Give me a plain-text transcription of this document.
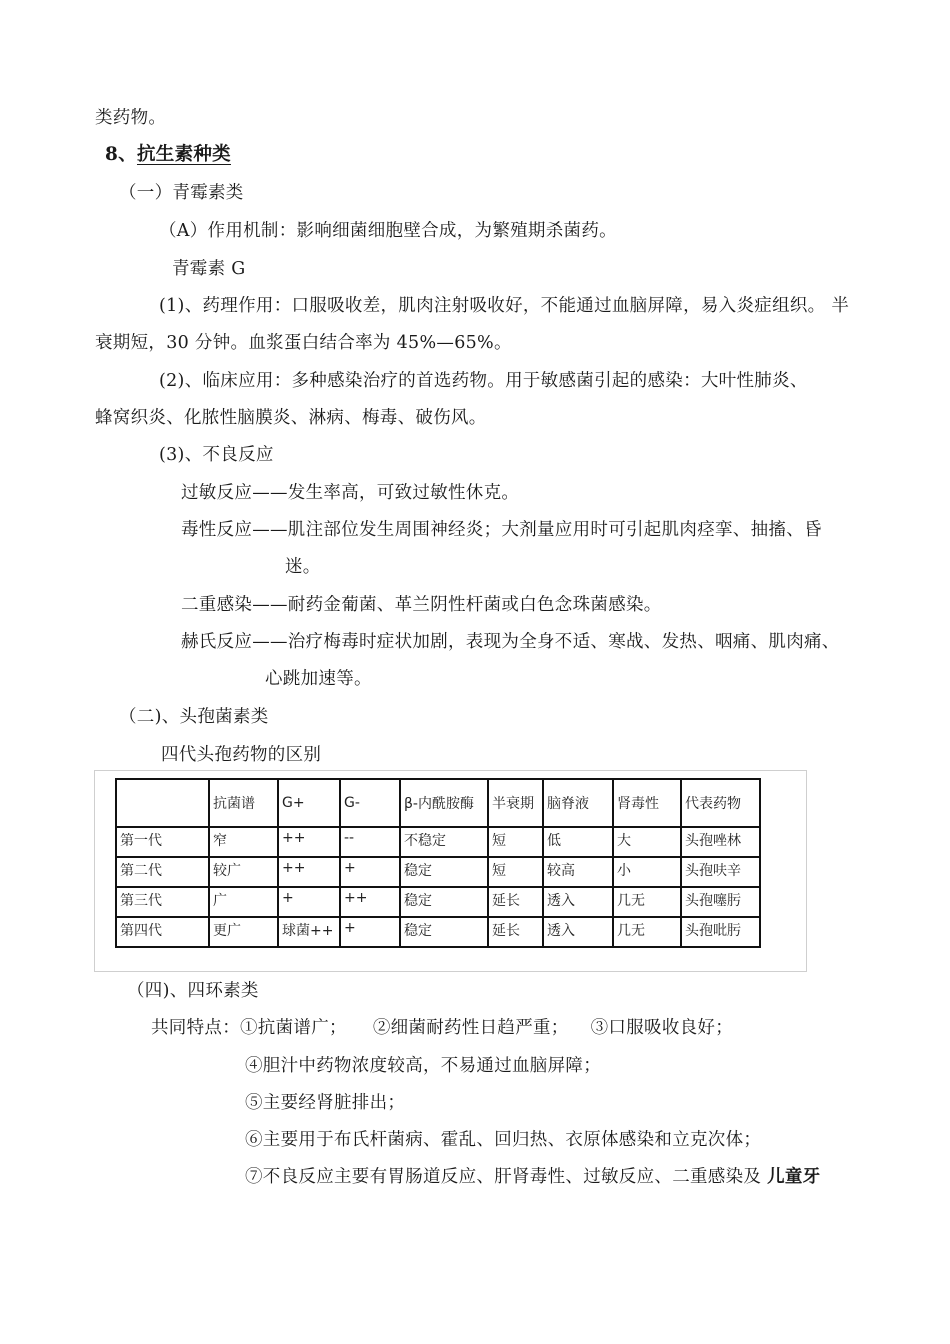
类药物。
8、抗生素种类
（一）青霉素类
（A）作用机制：影响细菌细胞壁合成，为繁殖期杀菌药。
青霉素 G
(1)、药理作用：口服吸收差，肌肉注射吸收好，不能通过血脑屏障，易入炎症组织。 半
衰期短，30 分钟。血浆蛋白结合率为 45%—65%。
(2)、临床应用：多种感染治疗的首选药物。用于敏感菌引起的感染：大叶性肺炎、
蜂窝织炎、化脓性脑膜炎、淋病、梅毒、破伤风。
(3)、不良反应
过敏反应——发生率高，可致过敏性休克。
毒性反应——肌注部位发生周围神经炎；大剂量应用时可引起肌肉痉挛、抽搐、昏
迷。
二重感染——耐药金葡菌、革兰阴性杆菌或白色念珠菌感染。
赫氏反应——治疗梅毒时症状加剧，表现为全身不适、寒战、发热、咽痛、肌肉痛、
心跳加速等。
（二)、头孢菌素类
四代头孢药物的区别
	抗菌谱	G+	G-	β-内酰胺酶	半衰期	脑脊液	肾毒性	代表药物
第一代	窄	++	--	不稳定	短	低	大	头孢唑林
第二代	较广	++	+	稳定	短	较高	小	头孢呋辛
第三代	广	+	++	稳定	延长	透入	几无	头孢噻肟
第四代	更广	球菌++	+	稳定	延长	透入	几无	头孢吡肟
（四)、四环素类
共同特点：①抗菌谱广； ②细菌耐药性日趋严重； ③口服吸收良好；
④胆汁中药物浓度较高，不易通过血脑屏障；
⑤主要经肾脏排出；
⑥主要用于布氏杆菌病、霍乱、回归热、衣原体感染和立克次体；
⑦不良反应主要有胃肠道反应、肝肾毒性、过敏反应、二重感染及 儿童牙
